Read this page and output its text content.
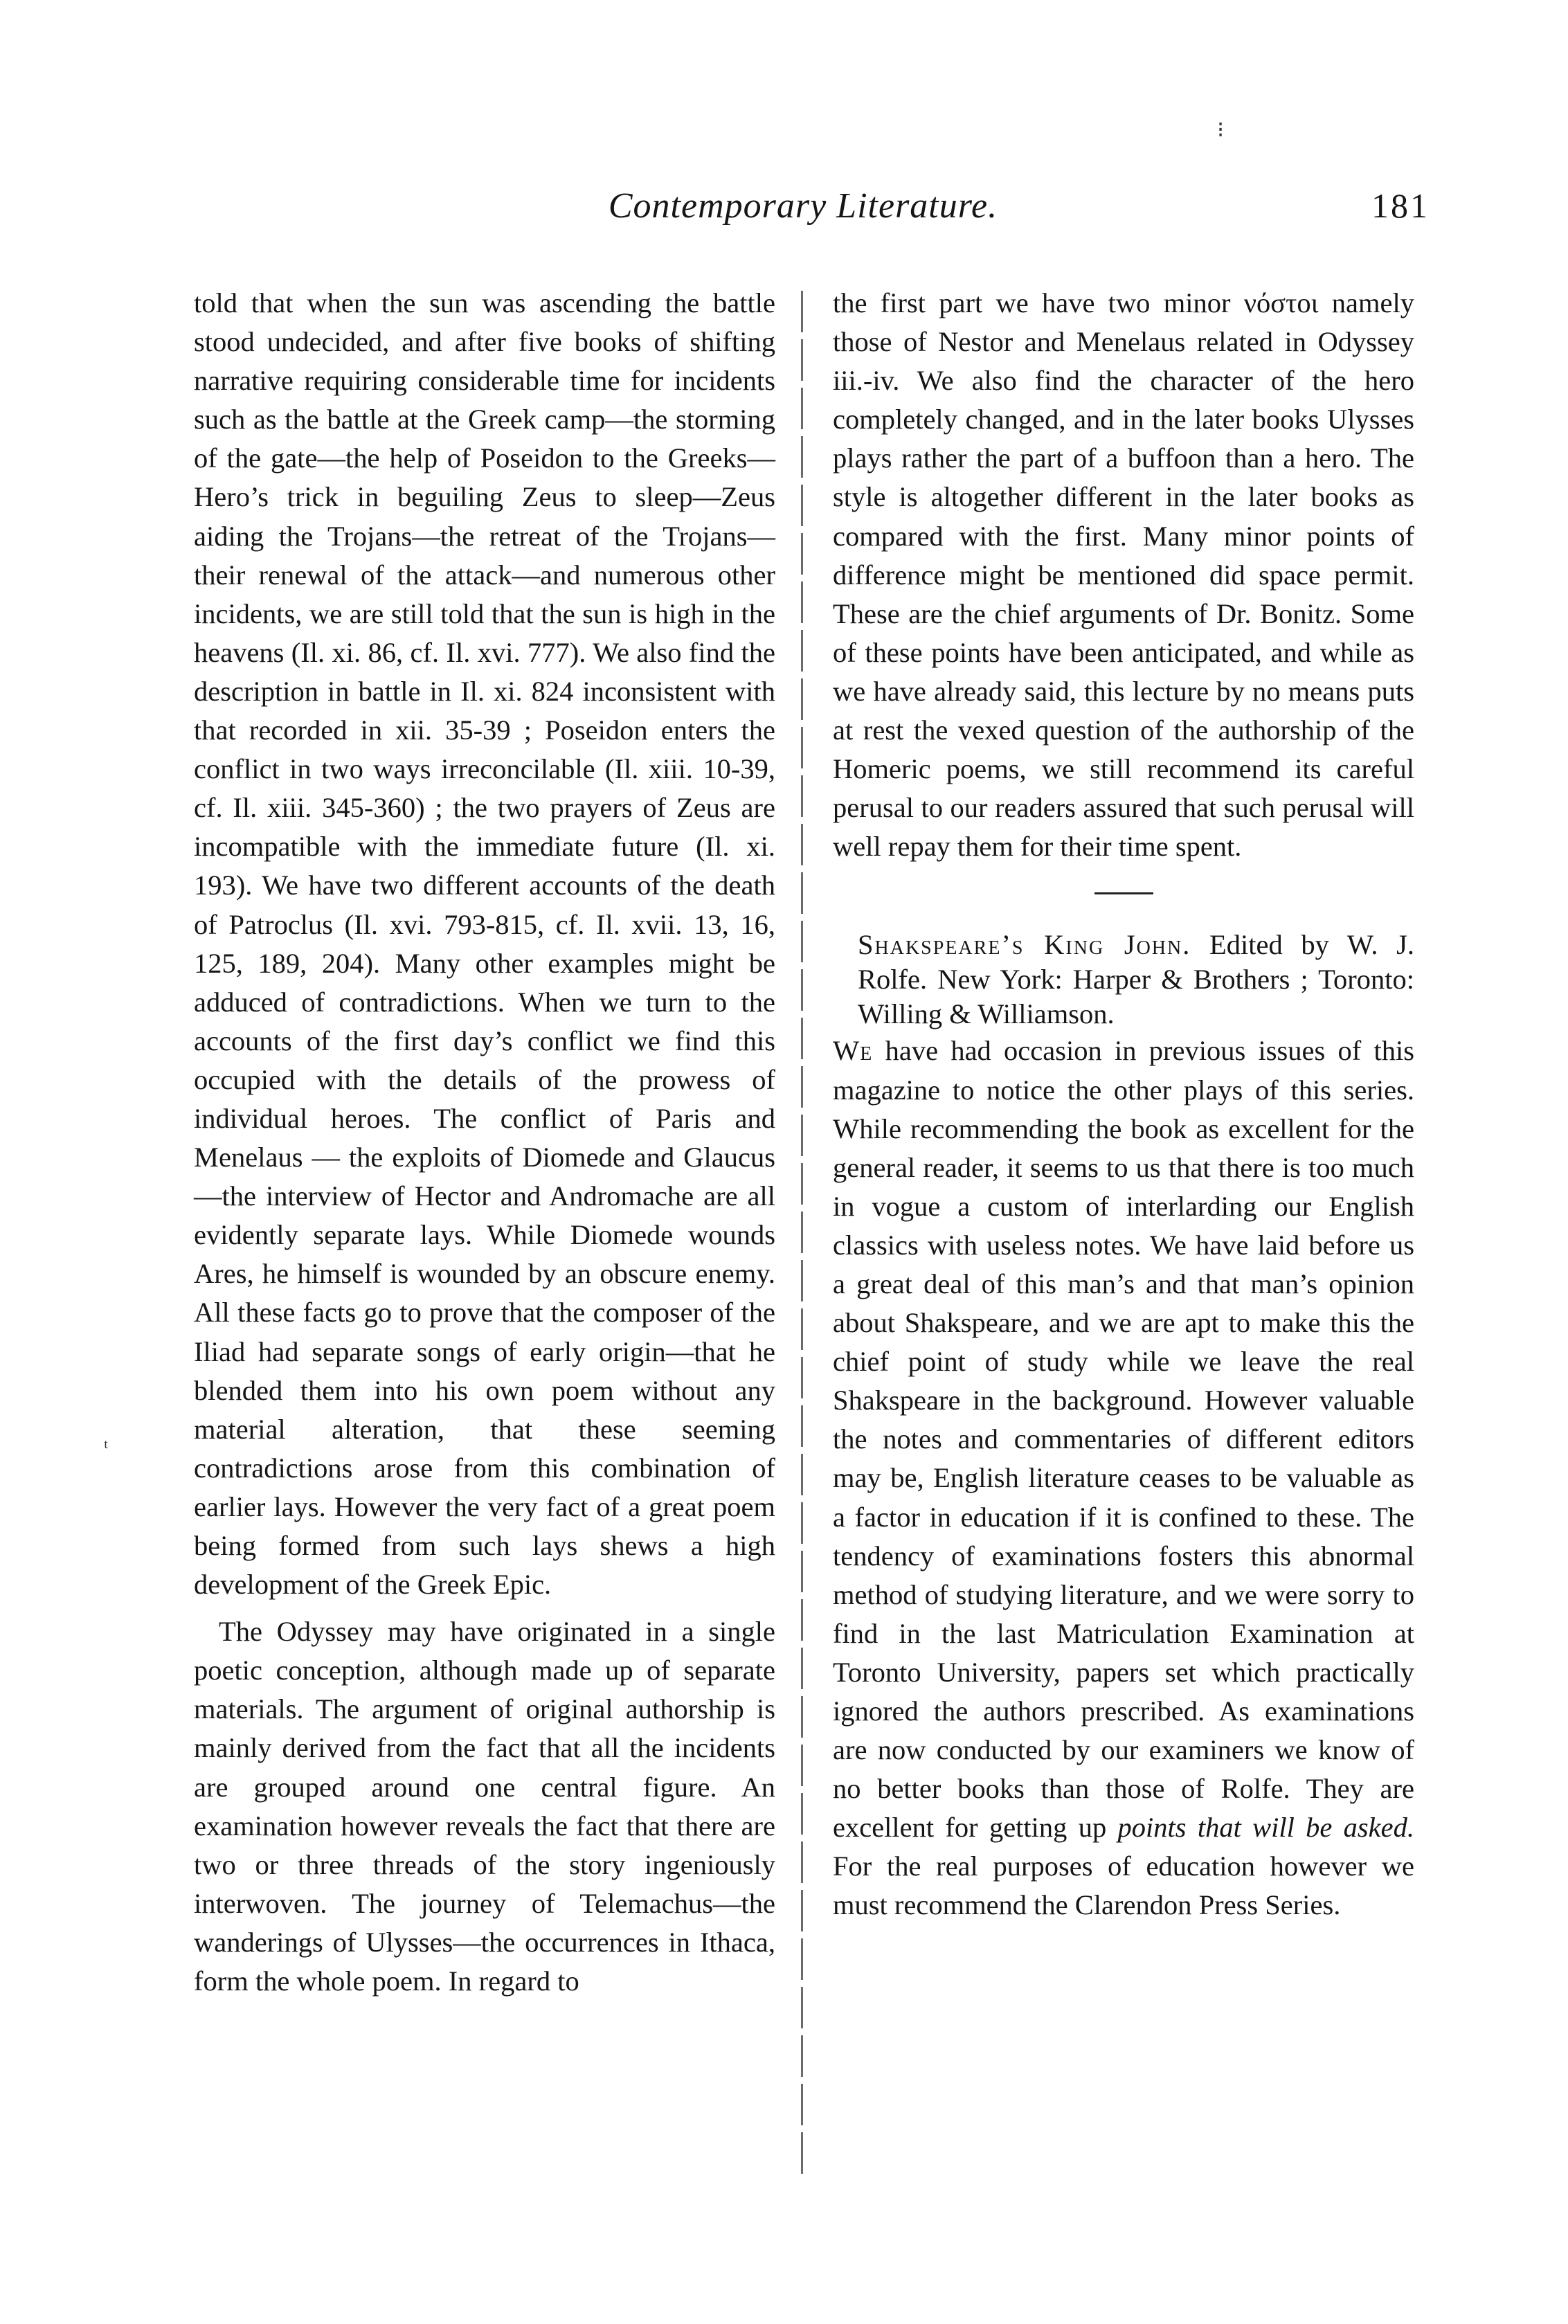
Contemporary Literature.	181
⁝
ᵗ

told that when the sun was ascending the battle stood undecided, and after five books of shifting narrative requiring considerable time for incidents such as the battle at the Greek camp—the storming of the gate—the help of Poseidon to the Greeks—Hero’s trick in beguiling Zeus to sleep—Zeus aiding the Trojans—the retreat of the Trojans—their renewal of the attack—and numerous other incidents, we are still told that the sun is high in the heavens (Il. xi. 86, cf. Il. xvi. 777). We also find the description in battle in Il. xi. 824 inconsistent with that recorded in xii. 35-39 ; Poseidon enters the conflict in two ways irreconcilable (Il. xiii. 10-39, cf. Il. xiii. 345-360) ; the two prayers of Zeus are incompatible with the immediate future (Il. xi. 193). We have two different accounts of the death of Patroclus (Il. xvi. 793-815, cf. Il. xvii. 13, 16, 125, 189, 204). Many other examples might be adduced of contradictions. When we turn to the accounts of the first day’s conflict we find this occupied with the details of the prowess of individual heroes. The conflict of Paris and Menelaus — the exploits of Diomede and Glaucus—the interview of Hector and Andromache are all evidently separate lays. While Diomede wounds Ares, he himself is wounded by an obscure enemy. All these facts go to prove that the composer of the Iliad had separate songs of early origin—that he blended them into his own poem without any material alteration, that these seeming contradictions arose from this combination of earlier lays. However the very fact of a great poem being formed from such lays shews a high development of the Greek Epic.

The Odyssey may have originated in a single poetic conception, although made up of separate materials. The argument of original authorship is mainly derived from the fact that all the incidents are grouped around one central figure. An examination however reveals the fact that there are two or three threads of the story ingeniously interwoven. The journey of Telemachus—the wanderings of Ulysses—the occurrences in Ithaca, form the whole poem. In regard to

the first part we have two minor νόστοι namely those of Nestor and Menelaus related in Odyssey iii.-iv. We also find the character of the hero completely changed, and in the later books Ulysses plays rather the part of a buffoon than a hero. The style is altogether different in the later books as compared with the first. Many minor points of difference might be mentioned did space permit. These are the chief arguments of Dr. Bonitz. Some of these points have been anticipated, and while as we have already said, this lecture by no means puts at rest the vexed question of the authorship of the Homeric poems, we still recommend its careful perusal to our readers assured that such perusal will well repay them for their time spent.

Shakspeare’s King John. Edited by W. J. Rolfe. New York: Harper & Brothers ; Toronto: Willing & Williamson.

We have had occasion in previous issues of this magazine to notice the other plays of this series. While recommending the book as excellent for the general reader, it seems to us that there is too much in vogue a custom of interlarding our English classics with useless notes. We have laid before us a great deal of this man’s and that man’s opinion about Shakspeare, and we are apt to make this the chief point of study while we leave the real Shakspeare in the background. However valuable the notes and commentaries of different editors may be, English literature ceases to be valuable as a factor in education if it is confined to these. The tendency of examinations fosters this abnormal method of studying literature, and we were sorry to find in the last Matriculation Examination at Toronto University, papers set which practically ignored the authors prescribed. As examinations are now conducted by our examiners we know of no better books than those of Rolfe. They are excellent for getting up points that will be asked. For the real purposes of education however we must recommend the Clarendon Press Series.
